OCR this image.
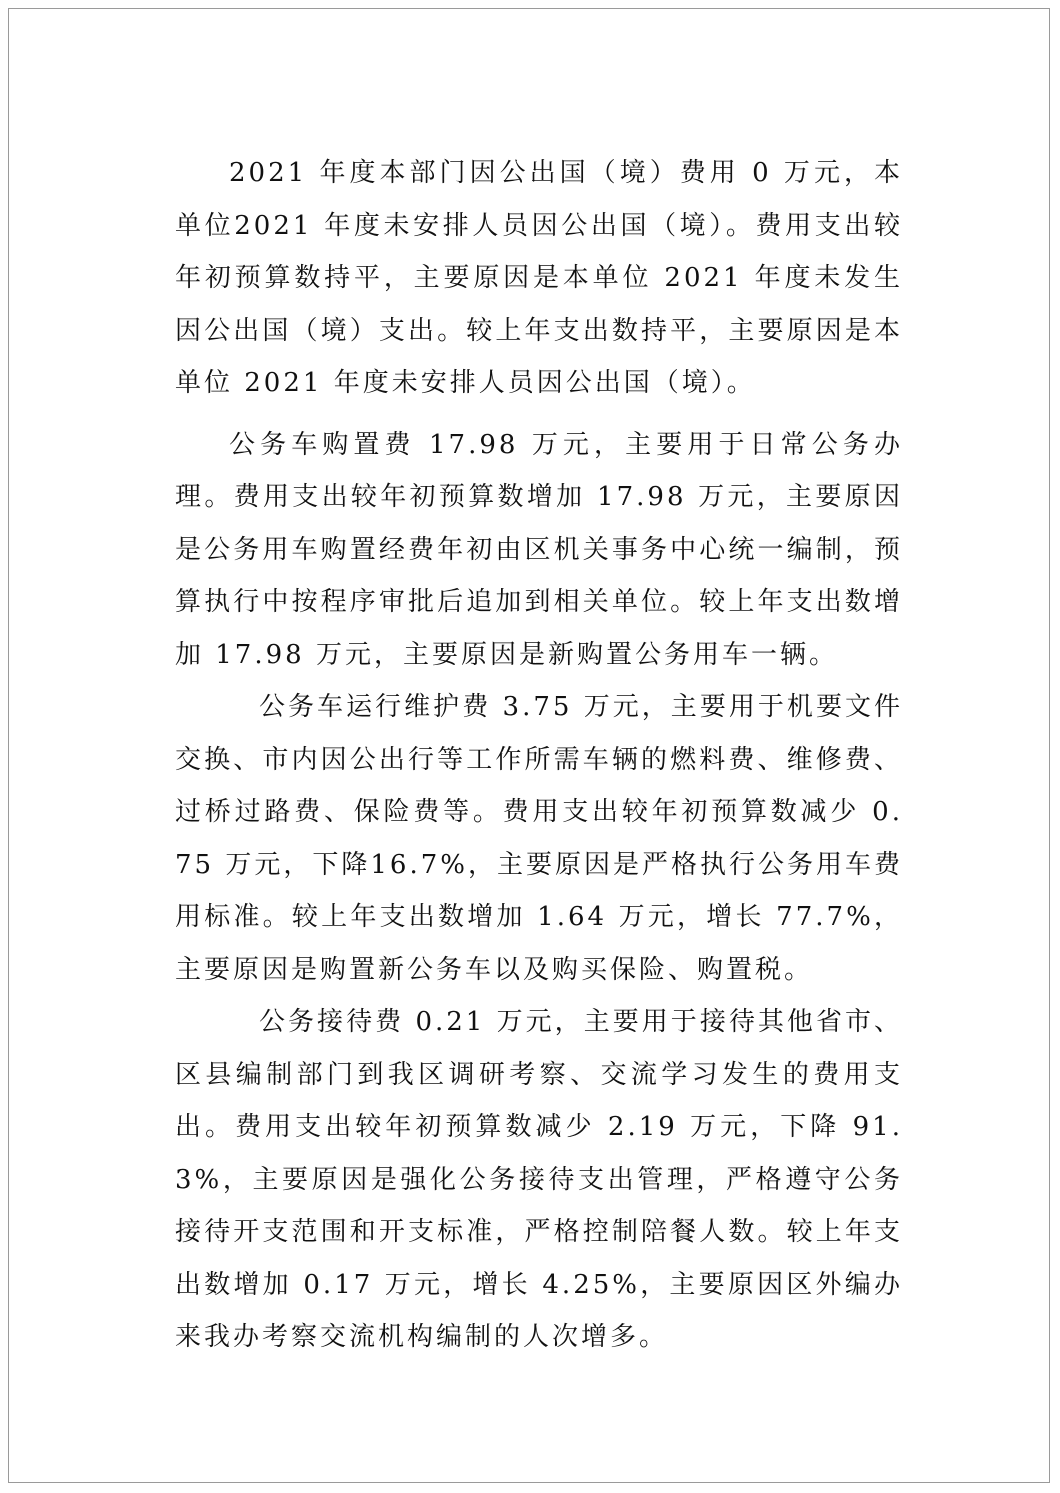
2021 年度本部门因公出国（境）费用 0 万元，本单位2021 年度未安排人员因公出国（境）。费用支出较年初预算数持平，主要原因是本单位 2021 年度未发生因公出国（境）支出。较上年支出数持平，主要原因是本单位 2021 年度未安排人员因公出国（境）。

公务车购置费 17.98 万元，主要用于日常公务办理。费用支出较年初预算数增加 17.98 万元，主要原因是公务用车购置经费年初由区机关事务中心统一编制，预算执行中按程序审批后追加到相关单位。较上年支出数增加 17.98 万元，主要原因是新购置公务用车一辆。

公务车运行维护费 3.75 万元，主要用于机要文件交换、市内因公出行等工作所需车辆的燃料费、维修费、过桥过路费、保险费等。费用支出较年初预算数减少 0.75 万元，下降16.7%，主要原因是严格执行公务用车费用标准。较上年支出数增加 1.64 万元，增长 77.7%，主要原因是购置新公务车以及购买保险、购置税。

公务接待费 0.21 万元，主要用于接待其他省市、区县编制部门到我区调研考察、交流学习发生的费用支出。费用支出较年初预算数减少 2.19 万元，下降 91.3%，主要原因是强化公务接待支出管理，严格遵守公务接待开支范围和开支标准，严格控制陪餐人数。较上年支出数增加 0.17 万元，增长 4.25%，主要原因区外编办来我办考察交流机构编制的人次增多。
